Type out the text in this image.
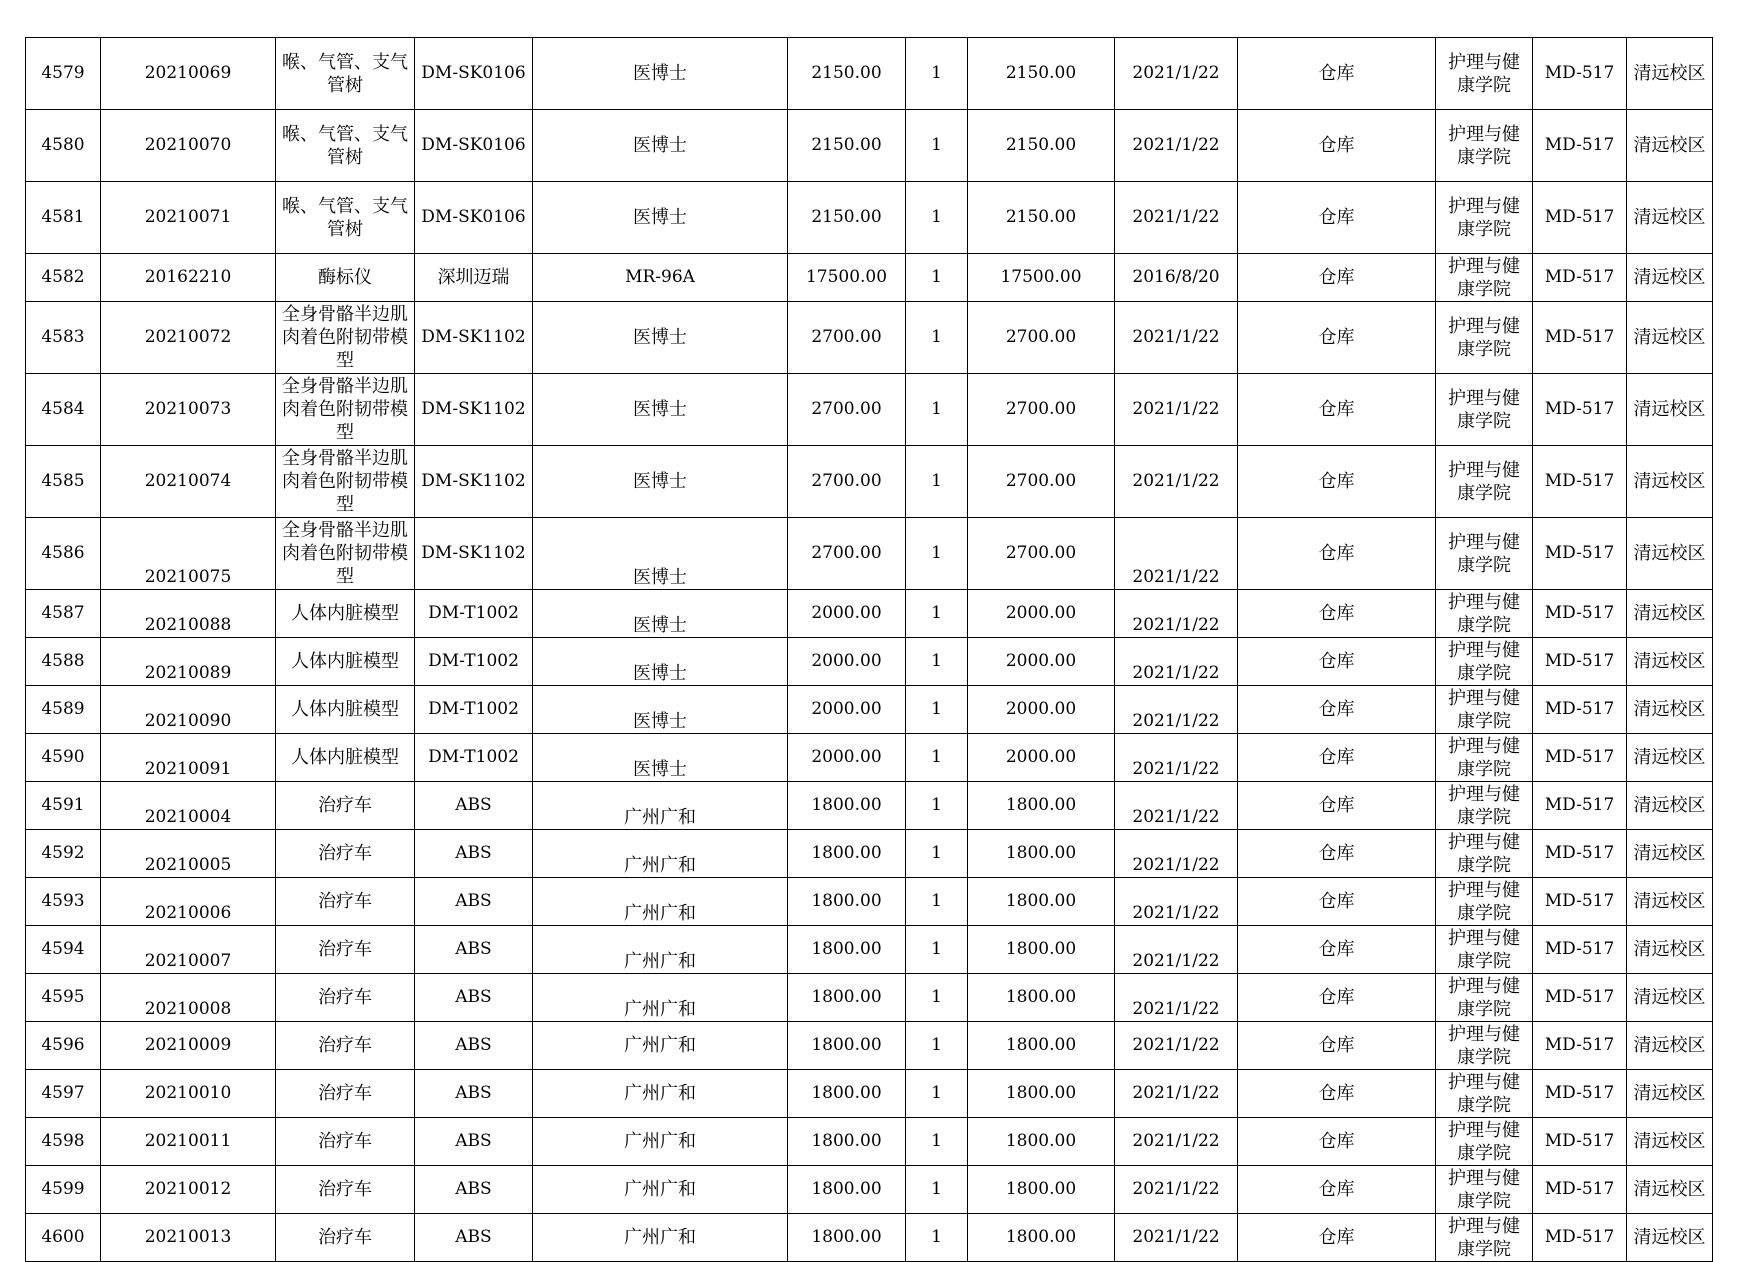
4579	20210069	喉、气管、支气管树	DM-SK0106	医博士	2150.00	1	2150.00	2021/1/22	仓库	护理与健康学院	MD-517	清远校区
4580	20210070	喉、气管、支气管树	DM-SK0106	医博士	2150.00	1	2150.00	2021/1/22	仓库	护理与健康学院	MD-517	清远校区
4581	20210071	喉、气管、支气管树	DM-SK0106	医博士	2150.00	1	2150.00	2021/1/22	仓库	护理与健康学院	MD-517	清远校区
4582	20162210	酶标仪	深圳迈瑞	MR-96A	17500.00	1	17500.00	2016/8/20	仓库	护理与健康学院	MD-517	清远校区
4583	20210072	全身骨骼半边肌肉着色附韧带模型	DM-SK1102	医博士	2700.00	1	2700.00	2021/1/22	仓库	护理与健康学院	MD-517	清远校区
4584	20210073	全身骨骼半边肌肉着色附韧带模型	DM-SK1102	医博士	2700.00	1	2700.00	2021/1/22	仓库	护理与健康学院	MD-517	清远校区
4585	20210074	全身骨骼半边肌肉着色附韧带模型	DM-SK1102	医博士	2700.00	1	2700.00	2021/1/22	仓库	护理与健康学院	MD-517	清远校区
4586	20210075	全身骨骼半边肌肉着色附韧带模型	DM-SK1102	医博士	2700.00	1	2700.00	2021/1/22	仓库	护理与健康学院	MD-517	清远校区
4587	20210088	人体内脏模型	DM-T1002	医博士	2000.00	1	2000.00	2021/1/22	仓库	护理与健康学院	MD-517	清远校区
4588	20210089	人体内脏模型	DM-T1002	医博士	2000.00	1	2000.00	2021/1/22	仓库	护理与健康学院	MD-517	清远校区
4589	20210090	人体内脏模型	DM-T1002	医博士	2000.00	1	2000.00	2021/1/22	仓库	护理与健康学院	MD-517	清远校区
4590	20210091	人体内脏模型	DM-T1002	医博士	2000.00	1	2000.00	2021/1/22	仓库	护理与健康学院	MD-517	清远校区
4591	20210004	治疗车	ABS	广州广和	1800.00	1	1800.00	2021/1/22	仓库	护理与健康学院	MD-517	清远校区
4592	20210005	治疗车	ABS	广州广和	1800.00	1	1800.00	2021/1/22	仓库	护理与健康学院	MD-517	清远校区
4593	20210006	治疗车	ABS	广州广和	1800.00	1	1800.00	2021/1/22	仓库	护理与健康学院	MD-517	清远校区
4594	20210007	治疗车	ABS	广州广和	1800.00	1	1800.00	2021/1/22	仓库	护理与健康学院	MD-517	清远校区
4595	20210008	治疗车	ABS	广州广和	1800.00	1	1800.00	2021/1/22	仓库	护理与健康学院	MD-517	清远校区
4596	20210009	治疗车	ABS	广州广和	1800.00	1	1800.00	2021/1/22	仓库	护理与健康学院	MD-517	清远校区
4597	20210010	治疗车	ABS	广州广和	1800.00	1	1800.00	2021/1/22	仓库	护理与健康学院	MD-517	清远校区
4598	20210011	治疗车	ABS	广州广和	1800.00	1	1800.00	2021/1/22	仓库	护理与健康学院	MD-517	清远校区
4599	20210012	治疗车	ABS	广州广和	1800.00	1	1800.00	2021/1/22	仓库	护理与健康学院	MD-517	清远校区
4600	20210013	治疗车	ABS	广州广和	1800.00	1	1800.00	2021/1/22	仓库	护理与健康学院	MD-517	清远校区
